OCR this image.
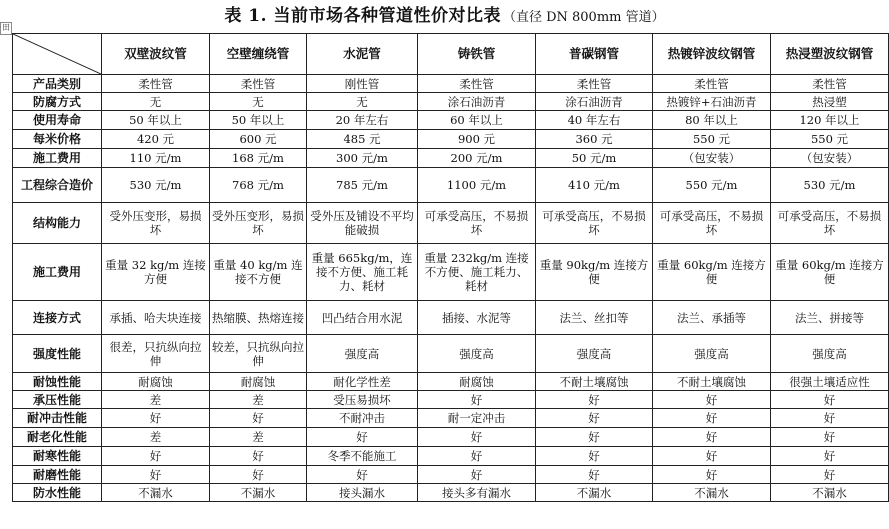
表 1. 当前市场各种管道性价对比表 （直径 DN 800mm 管道）
田
	双壁波纹管	空壁缠绕管	水泥管	铸铁管	普碳钢管	热镀锌波纹钢管	热浸塑波纹钢管
产品类别	柔性管	柔性管	刚性管	柔性管	柔性管	柔性管	柔性管
防腐方式	无	无	无	涂石油沥青	涂石油沥青	热镀锌+石油沥青	热浸塑
使用寿命	50 年以上	50 年以上	20 年左右	60 年以上	40 年左右	80 年以上	120 年以上
每米价格	420 元	600 元	485 元	900 元	360 元	550 元	550 元
施工费用	110 元/m	168 元/m	300 元/m	200 元/m	50 元/m	（包安装）	（包安装）
工程综合造价	530 元/m	768 元/m	785 元/m	1100 元/m	410 元/m	550 元/m	530 元/m
结构能力	受外压变形，易损坏	受外压变形，易损坏	受外压及铺设不平均能破损	可承受高压，不易损坏	可承受高压，不易损坏	可承受高压，不易损坏	可承受高压，不易损坏
施工费用	重量 32 kg/m 连接方便	重量 40 kg/m 连接不方便	重量 665kg/m，连接不方便、施工耗力、耗材	重量 232kg/m 连接不方便、施工耗力、耗材	重量 90kg/m 连接方便	重量 60kg/m 连接方便	重量 60kg/m 连接方便
连接方式	承插、哈夫块连接	热缩膜、热熔连接	凹凸结合用水泥	插接、水泥等	法兰、丝扣等	法兰、承插等	法兰、拼接等
强度性能	很差，只抗纵向拉伸	较差，只抗纵向拉伸	强度高	强度高	强度高	强度高	强度高
耐蚀性能	耐腐蚀	耐腐蚀	耐化学性差	耐腐蚀	不耐土壤腐蚀	不耐土壤腐蚀	很强土壤适应性
承压性能	差	差	受压易损坏	好	好	好	好
耐冲击性能	好	好	不耐冲击	耐一定冲击	好	好	好
耐老化性能	差	差	好	好	好	好	好
耐寒性能	好	好	冬季不能施工	好	好	好	好
耐磨性能	好	好	好	好	好	好	好
防水性能	不漏水	不漏水	接头漏水	接头多有漏水	不漏水	不漏水	不漏水
